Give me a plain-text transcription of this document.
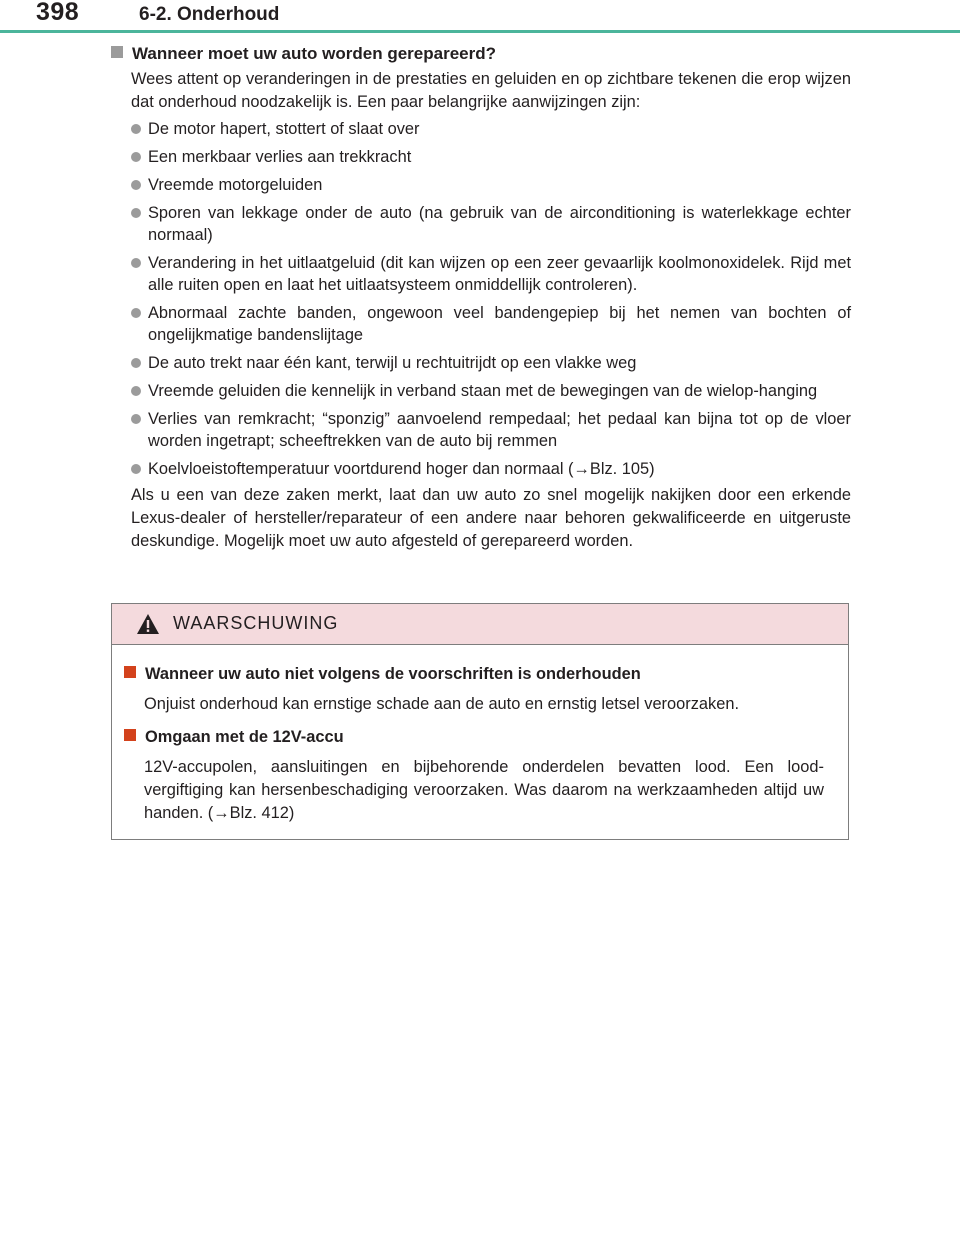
398	6-2. Onderhoud
Wanneer moet uw auto worden gerepareerd?

Wees attent op veranderingen in de prestaties en geluiden en op zichtbare tekenen die erop wijzen dat onderhoud noodzakelijk is. Een paar belangrijke aanwijzingen zijn:

De motor hapert, stottert of slaat over
Een merkbaar verlies aan trekkracht
Vreemde motorgeluiden
Sporen van lekkage onder de auto (na gebruik van de airconditioning is waterlekkage echter normaal)
Verandering in het uitlaatgeluid (dit kan wijzen op een zeer gevaarlijk koolmonoxidelek. Rijd met alle ruiten open en laat het uitlaatsysteem onmiddellijk controleren).
Abnormaal zachte banden, ongewoon veel bandengepiep bij het nemen van bochten of ongelijkmatige bandenslijtage
De auto trekt naar één kant, terwijl u rechtuitrijdt op een vlakke weg
Vreemde geluiden die kennelijk in verband staan met de bewegingen van de wielop-hanging
Verlies van remkracht; “sponzig” aanvoelend rempedaal; het pedaal kan bijna tot op de vloer worden ingetrapt; scheeftrekken van de auto bij remmen
Koelvloeistoftemperatuur voortdurend hoger dan normaal (→Blz. 105)

Als u een van deze zaken merkt, laat dan uw auto zo snel mogelijk nakijken door een erkende Lexus-dealer of hersteller/reparateur of een andere naar behoren gekwalificeerde en uitgeruste deskundige. Mogelijk moet uw auto afgesteld of gerepareerd worden.

WAARSCHUWING
Wanneer uw auto niet volgens de voorschriften is onderhouden

Onjuist onderhoud kan ernstige schade aan de auto en ernstig letsel veroorzaken.

Omgaan met de 12V-accu

12V-accupolen, aansluitingen en bijbehorende onderdelen bevatten lood. Een lood-vergiftiging kan hersenbeschadiging veroorzaken. Was daarom na werkzaamheden altijd uw handen. (→Blz. 412)
